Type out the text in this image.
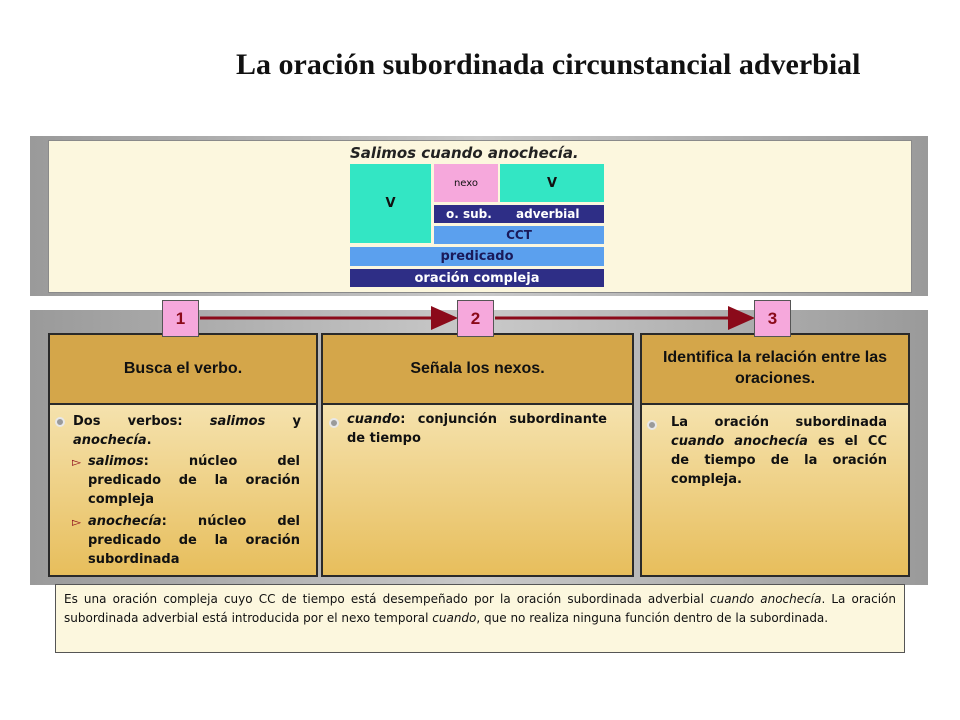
La oración subordinada circunstancial adverbial
Salimos cuando anochecía.
V
nexo	V
o. sub. adverbial
CCT
predicado
oración compleja
Busca el verbo.	Señala los nexos.
Identifica la relación entre las oraciones.
1	2	3
Dos verbos: salimos y anochecía.
▻ salimos: núcleo del predicado de la oración compleja
▻ anochecía: núcleo del predicado de la oración subordinada
cuando: conjunción subordinante de tiempo
La oración subordinada cuando anochecía es el CC de tiempo de la oración compleja.
Es una oración compleja cuyo CC de tiempo está desempeñado por la oración subordinada adverbial cuando anochecía. La oración subordinada adverbial está introducida por el nexo temporal cuando, que no realiza ninguna función dentro de la subordinada.
